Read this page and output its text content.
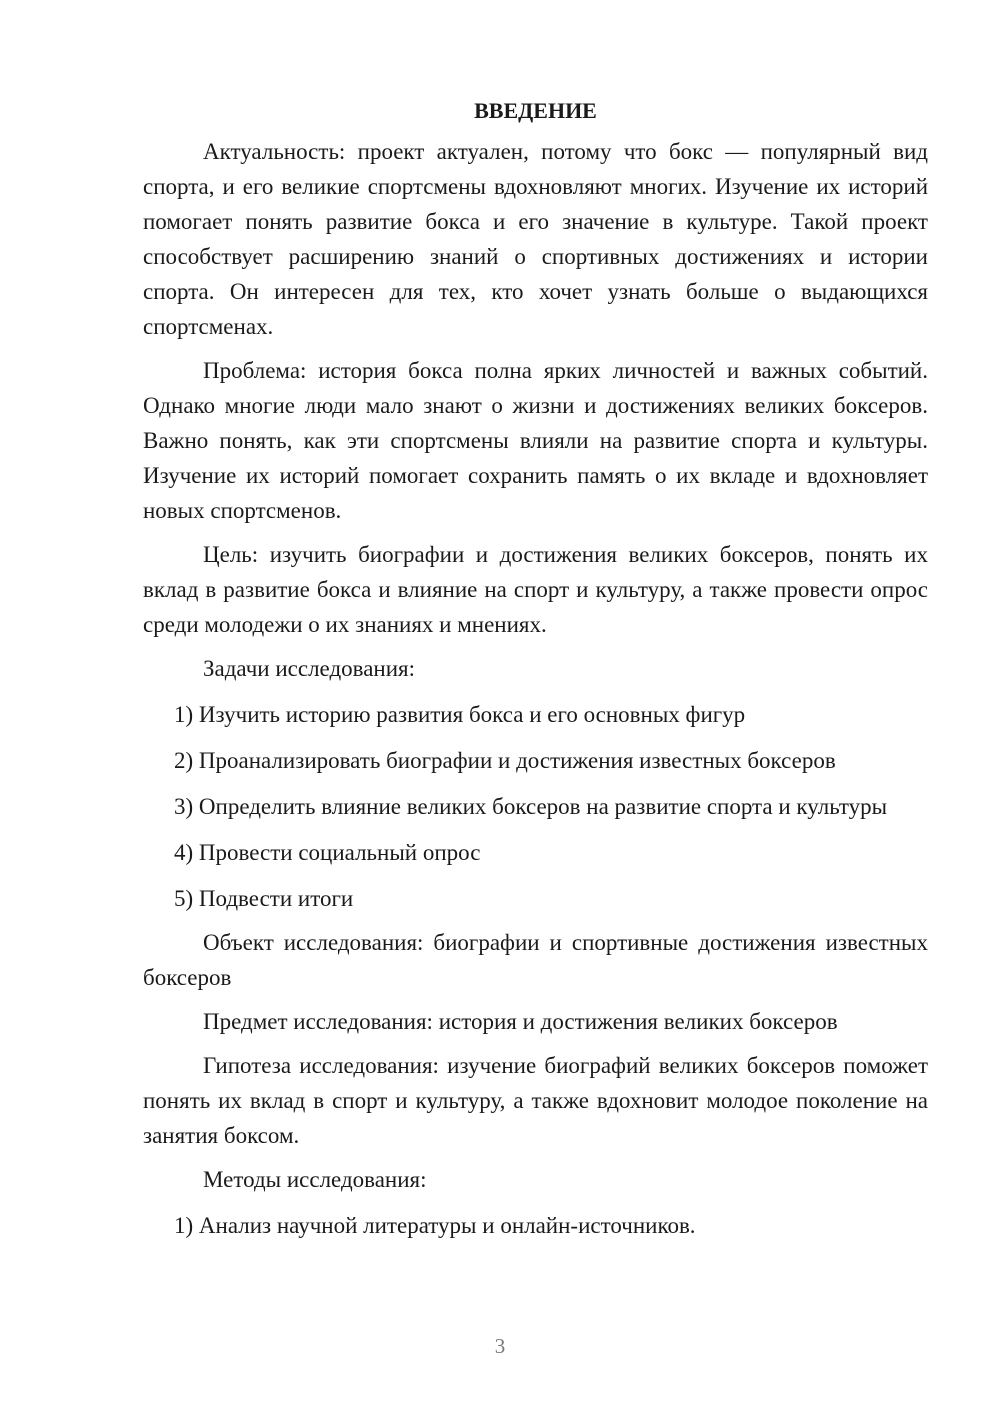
ВВЕДЕНИЕ

Актуальность: проект актуален, потому что бокс — популярный вид спорта, и его великие спортсмены вдохновляют многих. Изучение их историй помогает понять развитие бокса и его значение в культуре. Такой проект способствует расширению знаний о спортивных достижениях и истории спорта. Он интересен для тех, кто хочет узнать больше о выдающихся спортсменах.

Проблема: история бокса полна ярких личностей и важных событий. Однако многие люди мало знают о жизни и достижениях великих боксеров. Важно понять, как эти спортсмены влияли на развитие спорта и культуры. Изучение их историй помогает сохранить память о их вкладе и вдохновляет новых спортсменов.

Цель: изучить биографии и достижения великих боксеров, понять их вклад в развитие бокса и влияние на спорт и культуру, а также провести опрос среди молодежи о их знаниях и мнениях.

Задачи исследования:

1) Изучить историю развития бокса и его основных фигур

2) Проанализировать биографии и достижения известных боксеров

3) Определить влияние великих боксеров на развитие спорта и культуры

4) Провести социальный опрос

5) Подвести итоги

Объект исследования: биографии и спортивные достижения известных боксеров

Предмет исследования: история и достижения великих боксеров

Гипотеза исследования: изучение биографий великих боксеров поможет понять их вклад в спорт и культуру, а также вдохновит молодое поколение на занятия боксом.

Методы исследования:

1) Анализ научной литературы и онлайн-источников.

3
